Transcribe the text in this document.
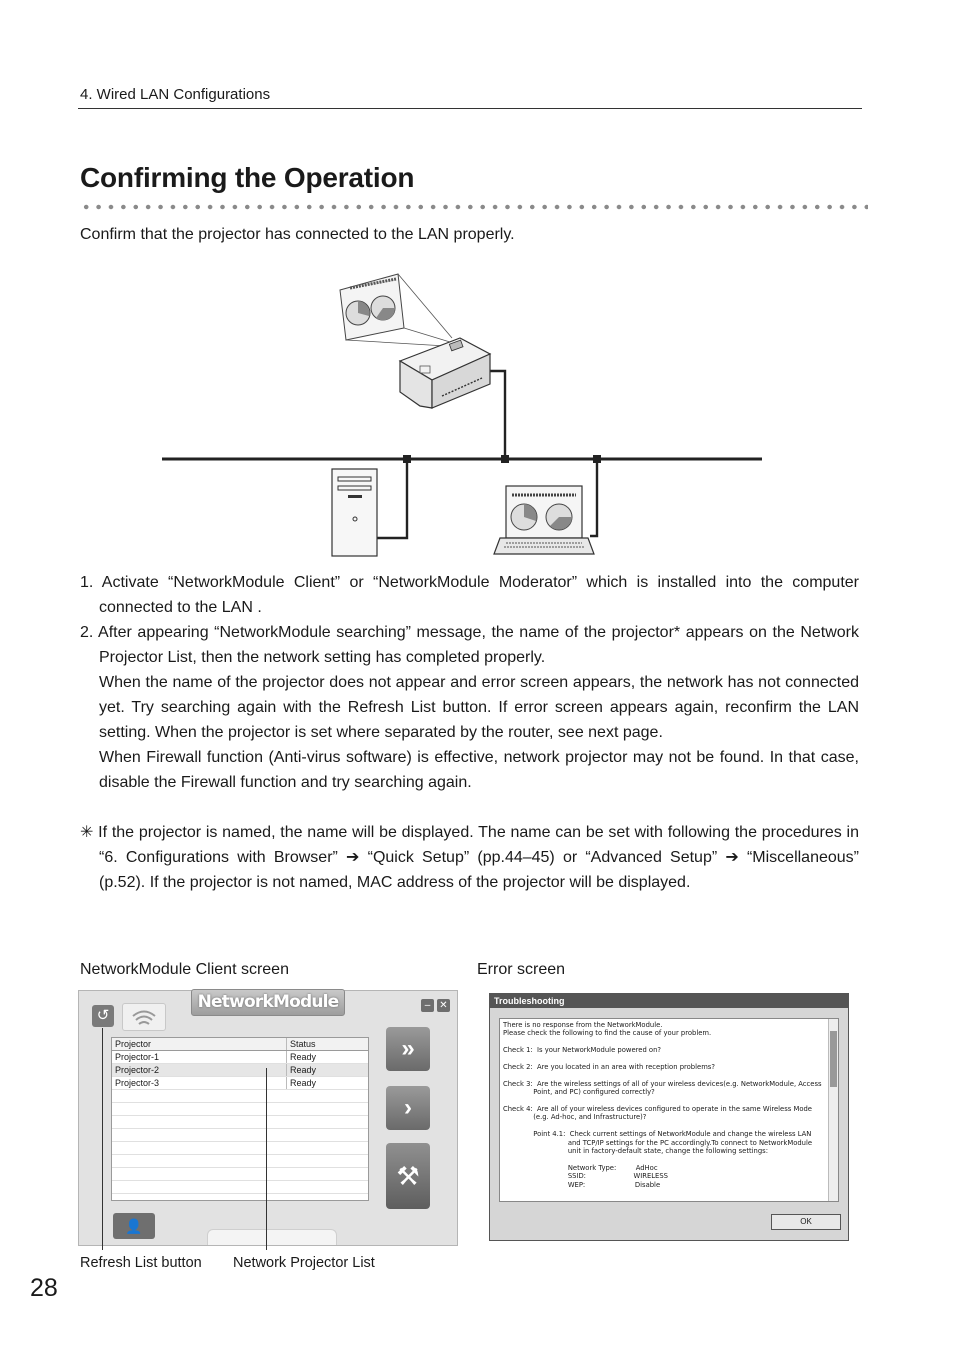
4. Wired LAN Configurations
Confirming the Operation
Confirm that the projector has connected to the LAN properly.

1. Activate “NetworkModule Client” or “NetworkModule Moderator” which is installed into the computer connected to the LAN .

2. After appearing “NetworkModule searching” message, the name of the projector* appears on the Network Projector List, then the network setting has completed properly.

When the name of the projector does not appear and error screen appears, the network has not connected yet. Try searching again with the Refresh List button. If error screen appears again, reconfirm the LAN setting. When the projector is set where separated by the router, see next page.

When Firewall function (Anti-virus software) is effective, network projector may not be found. In that case, disable the Firewall function and try searching again.

✳ If the projector is named, the name will be displayed. The name can be set with following the procedures in “6. Configurations with Browser” ➔ “Quick Setup” (pp.44–45) or “Advanced Setup” ➔ “Miscellaneous” (p.52). If the projector is not named, MAC address of the projector will be displayed.

NetworkModule Client screen	Error screen
NetworkModule	– ✕
↺
Projector	Status
Projector-1	Ready
Projector-2	Ready
Projector-3	Ready
»
›
⚒
👤
Troubleshooting
There is no response from the NetworkModule.
Please check the following to find the cause of your problem.

Check 1:  Is your NetworkModule powered on?

Check 2:  Are you located in an area with reception problems?

Check 3:  Are the wireless settings of all of your wireless devices(e.g. NetworkModule, Access
Point, and PC) configured correctly?

Check 4:  Are all of your wireless devices configured to operate in the same Wireless Mode
(e.g. Ad-hoc, and Infrastructure)?

Point 4.1:  Check current settings of NetworkModule and change the wireless LAN
and TCP/IP settings for the PC accordingly.To connect to NetworkModule
unit in factory-default state, change the following settings:

Network Type:         AdHoc
SSID:                      WIRELESS
WEP:                       Disable
OK
Refresh List button Network Projector List
28
